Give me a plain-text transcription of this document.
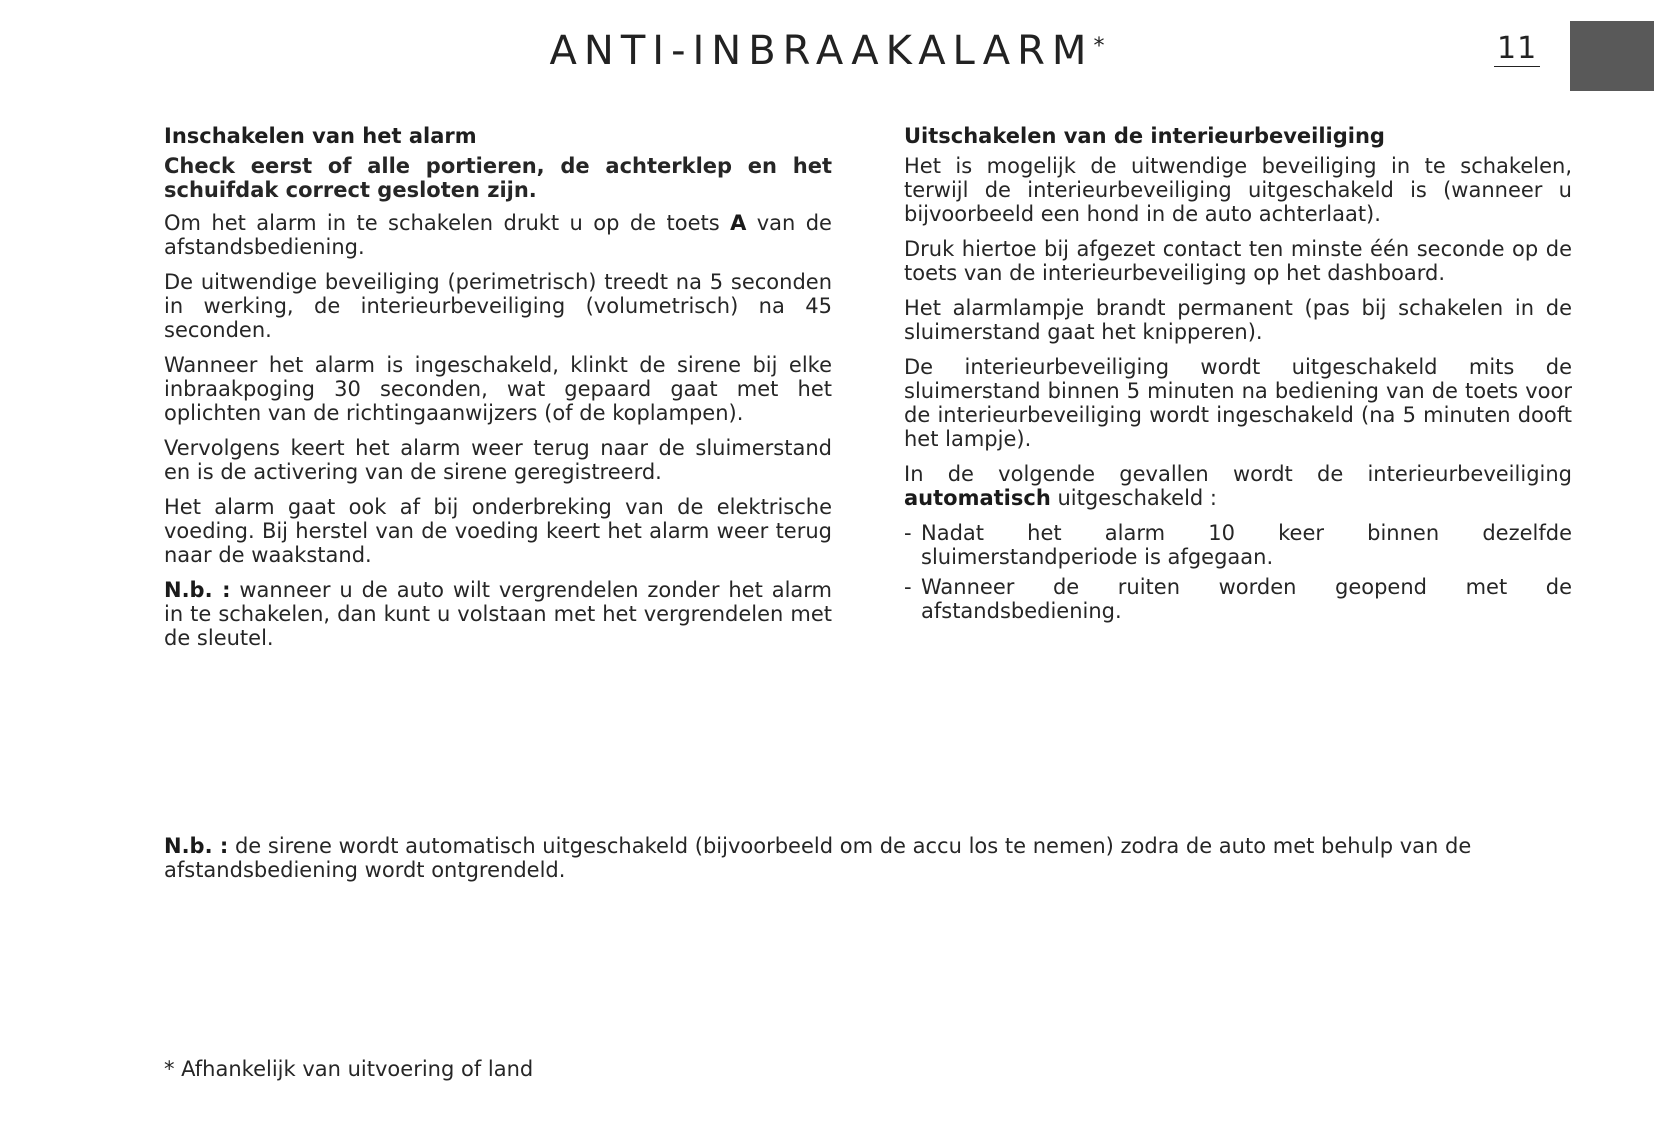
ANTI-INBRAAKALARM*	11
Inschakelen van het alarm

Check eerst of alle portieren, de achterklep en het schuifdak correct gesloten zijn.

Om het alarm in te schakelen drukt u op de toets A van de afstandsbediening.

De uitwendige beveiliging (perimetrisch) treedt na 5 seconden in werking, de interieurbeveiliging (volumetrisch) na 45 seconden.

Wanneer het alarm is ingeschakeld, klinkt de sirene bij elke inbraakpoging 30 seconden, wat gepaard gaat met het oplichten van de richtingaanwijzers (of de koplampen).

Vervolgens keert het alarm weer terug naar de sluimerstand en is de activering van de sirene geregistreerd.

Het alarm gaat ook af bij onderbreking van de elektrische voeding. Bij herstel van de voeding keert het alarm weer terug naar de waakstand.

N.b. : wanneer u de auto wilt vergrendelen zonder het alarm in te schakelen, dan kunt u volstaan met het vergrendelen met de sleutel.

Uitschakelen van de interieurbeveiliging

Het is mogelijk de uitwendige beveiliging in te schakelen, terwijl de interieurbeveiliging uitgeschakeld is (wanneer u bijvoorbeeld een hond in de auto achterlaat).

Druk hiertoe bij afgezet contact ten minste één seconde op de toets van de interieurbeveiliging op het dashboard.

Het alarmlampje brandt permanent (pas bij schakelen in de sluimerstand gaat het knipperen).

De interieurbeveiliging wordt uitgeschakeld mits de sluimerstand binnen 5 minuten na bediening van de toets voor de interieurbeveiliging wordt ingeschakeld (na 5 minuten dooft het lampje).

In de volgende gevallen wordt de interieurbeveiliging automatisch uitgeschakeld :

- Nadat het alarm 10 keer binnen dezelfde sluimerstandperiode is afgegaan.
- Wanneer de ruiten worden geopend met de afstandsbediening.

N.b. : de sirene wordt automatisch uitgeschakeld (bijvoorbeeld om de accu los te nemen) zodra de auto met behulp van de afstandsbediening wordt ontgrendeld.

* Afhankelijk van uitvoering of land
